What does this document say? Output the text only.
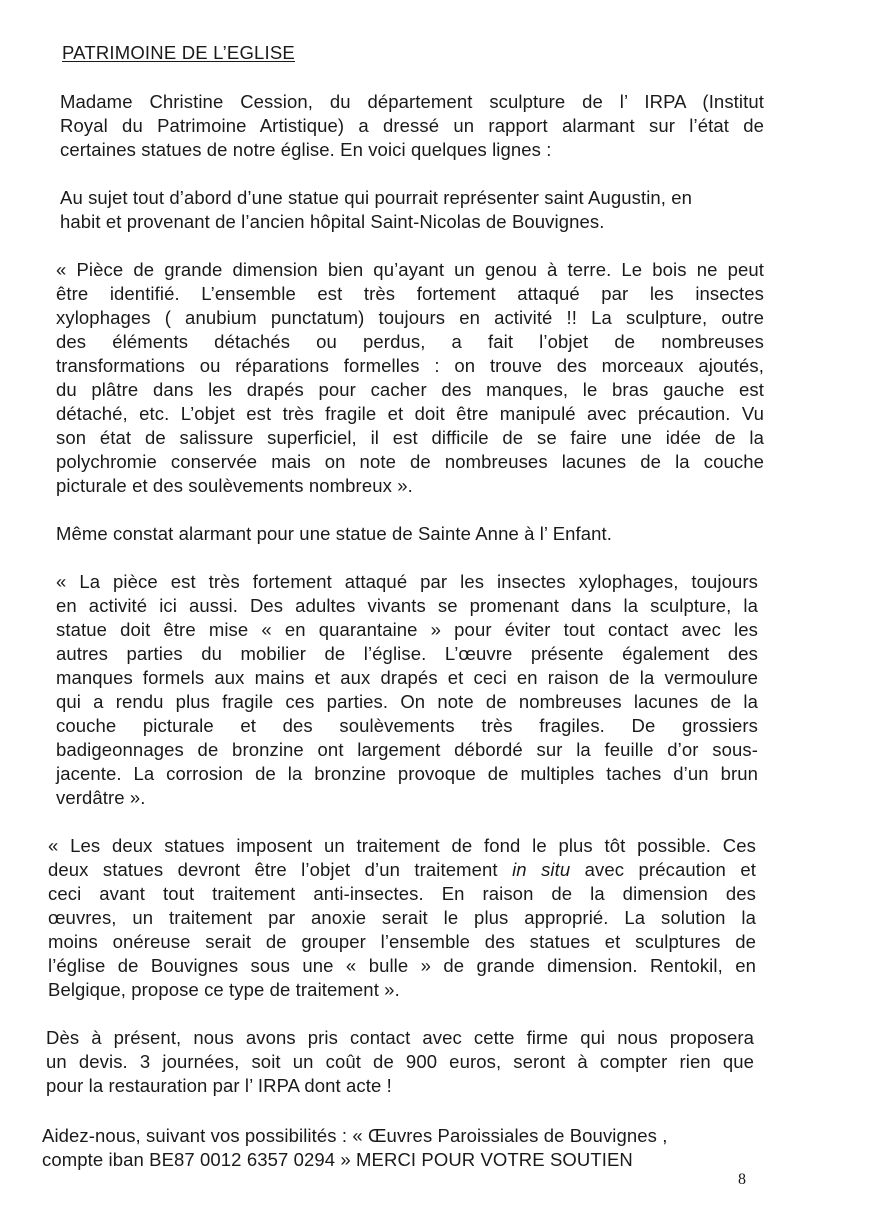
PATRIMOINE DE L’EGLISE

Madame Christine Cession, du département sculpture de l’ IRPA (Institut
Royal du Patrimoine Artistique) a dressé un rapport alarmant sur l’état de
certaines statues de notre église. En voici quelques lignes :

Au sujet tout d’abord d’une statue qui pourrait représenter saint Augustin, en
habit et provenant de l’ancien hôpital Saint-Nicolas de Bouvignes.

« Pièce de grande dimension bien qu’ayant un genou à terre. Le bois ne peut
être identifié. L’ensemble est très fortement attaqué par les insectes
xylophages ( anubium punctatum) toujours en activité !! La sculpture, outre
des éléments détachés ou perdus, a fait l’objet de nombreuses
transformations ou réparations formelles : on trouve des morceaux ajoutés,
du plâtre dans les drapés pour cacher des manques, le bras gauche est
détaché, etc. L’objet est très fragile et doit être manipulé avec précaution. Vu
son état de salissure superficiel, il est difficile de se faire une idée de la
polychromie conservée mais on note de nombreuses lacunes de la couche
picturale et des soulèvements nombreux ».

Même constat alarmant pour une statue de Sainte Anne à l’ Enfant.

« La pièce est très fortement attaqué par les insectes xylophages, toujours
en activité ici aussi. Des adultes vivants se promenant dans la sculpture, la
statue doit être mise « en quarantaine » pour éviter tout contact avec les
autres parties du mobilier de l’église. L’œuvre présente également des
manques formels aux mains et aux drapés et ceci en raison de la vermoulure
qui a rendu plus fragile ces parties. On note de nombreuses lacunes de la
couche picturale et des soulèvements très fragiles. De grossiers
badigeonnages de bronzine ont largement débordé sur la feuille d’or sous-
jacente. La corrosion de la bronzine provoque de multiples taches d’un brun
verdâtre ».

« Les deux statues imposent un traitement de fond le plus tôt possible. Ces
deux statues devront être l’objet d’un traitement in situ avec précaution et
ceci avant tout traitement anti-insectes. En raison de la dimension des
œuvres, un traitement par anoxie serait le plus approprié. La solution la
moins onéreuse serait de grouper l’ensemble des statues et sculptures de
l’église de Bouvignes sous une « bulle » de grande dimension. Rentokil, en
Belgique, propose ce type de traitement ».

Dès à présent, nous avons pris contact avec cette firme qui nous proposera
un devis. 3 journées, soit un coût de 900 euros, seront à compter rien que
pour la restauration par l’ IRPA dont acte !

Aidez-nous, suivant vos possibilités : « Œuvres Paroissiales de Bouvignes ,
compte iban BE87 0012 6357 0294 » MERCI POUR VOTRE SOUTIEN

8
